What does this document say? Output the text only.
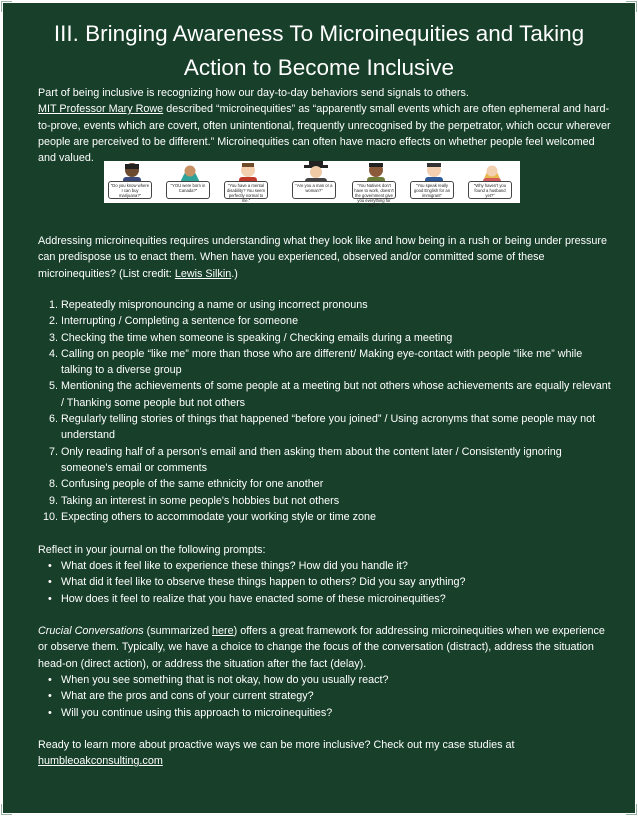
III. Bringing Awareness To Microinequities and Taking
Action to Become Inclusive
Part of being inclusive is recognizing how our day-to-day behaviors send signals to others.
MIT Professor Mary Rowe described “microinequities” as “apparently small events which are often ephemeral and hard-to-prove, events which are covert, often unintentional, frequently unrecognised by the perpetrator, which occur wherever people are perceived to be different.” Microinequities can often have macro effects on whether people feel welcomed and valued.
“Do you know where I can buy marijuana?”
“YOU were born in Canada?”
“You have a mental disability? You seem perfectly normal to me.”
“Are you a man or a woman?”
“You Natives don't have to work, doesn't the government give you everything for free?”
“You speak really good English for an immigrant”
“Why haven't you found a husband yet?”
Addressing microinequities requires understanding what they look like and how being in a rush or being under pressure can predispose us to enact them. When have you experienced, observed and/or committed some of these microinequities? (List credit: Lewis Silkin.)
1. Repeatedly mispronouncing a name or using incorrect pronouns
2. Interrupting / Completing a sentence for someone
3. Checking the time when someone is speaking / Checking emails during a meeting
4. Calling on people “like me” more than those who are different/ Making eye-contact with people “like me” while talking to a diverse group
5. Mentioning the achievements of some people at a meeting but not others whose achievements are equally relevant / Thanking some people but not others
6. Regularly telling stories of things that happened “before you joined” / Using acronyms that some people may not understand
7. Only reading half of a person's email and then asking them about the content later / Consistently ignoring someone's email or comments
8. Confusing people of the same ethnicity for one another
9. Taking an interest in some people's hobbies but not others
10. Expecting others to accommodate your working style or time zone
Reflect in your journal on the following prompts:
• What does it feel like to experience these things? How did you handle it?
• What did it feel like to observe these things happen to others? Did you say anything?
• How does it feel to realize that you have enacted some of these microinequities?
Crucial Conversations (summarized here) offers a great framework for addressing microinequities when we experience or observe them. Typically, we have a choice to change the focus of the conversation (distract), address the situation head-on (direct action), or address the situation after the fact (delay).
• When you see something that is not okay, how do you usually react?
• What are the pros and cons of your current strategy?
• Will you continue using this approach to microinequities?
Ready to learn more about proactive ways we can be more inclusive? Check out my case studies at
humbleoakconsulting.com
